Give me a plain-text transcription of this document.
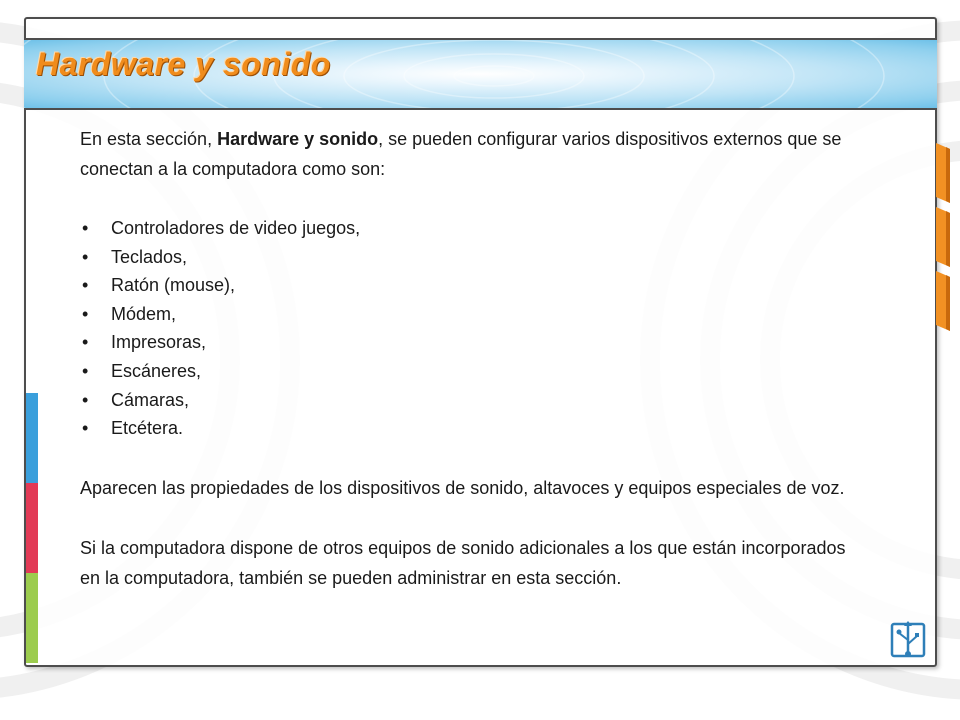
Hardware y sonido

En esta sección, Hardware y sonido, se pueden configurar varios dispositivos externos que se conectan a la computadora como son:

• Controladores de video juegos,
• Teclados,
• Ratón (mouse),
• Módem,
• Impresoras,
• Escáneres,
• Cámaras,
• Etcétera.

Aparecen las propiedades de los dispositivos de sonido, altavoces y equipos especiales de voz.

Si la computadora dispone de otros equipos de sonido adicionales a los que están incorporados en la computadora, también se pueden administrar en esta sección.
